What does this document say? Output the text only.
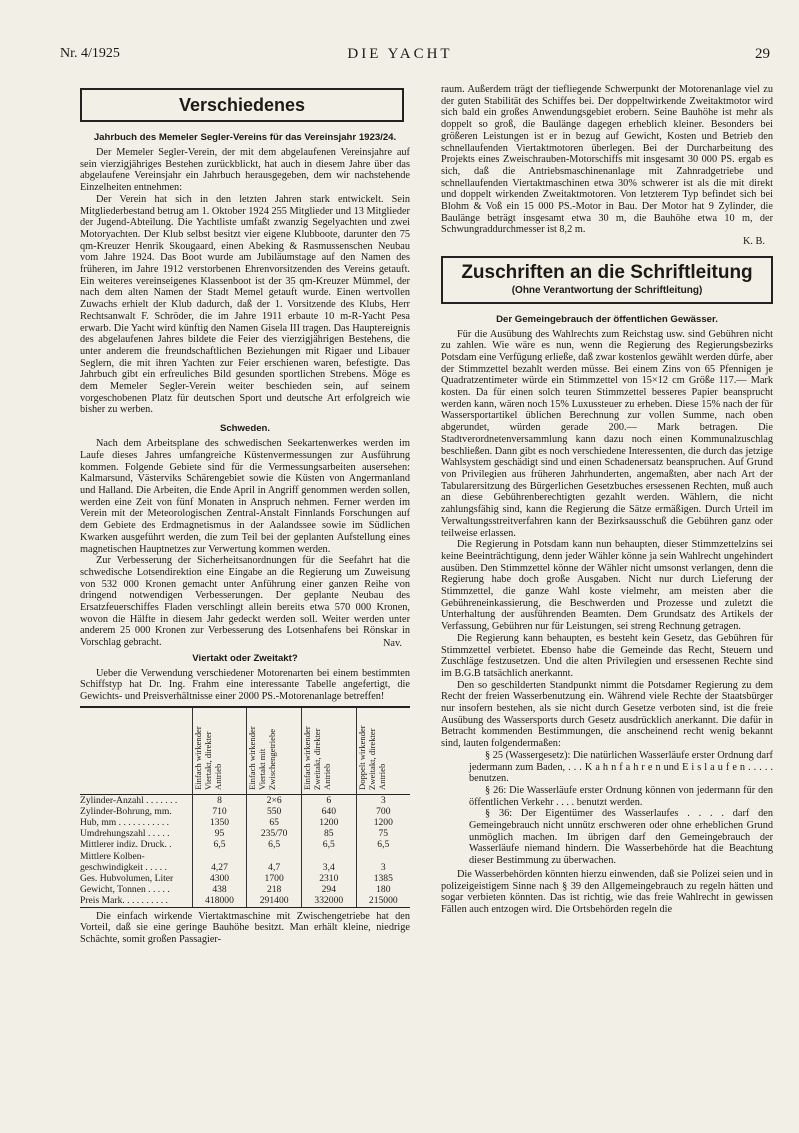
Nr. 4/1925	DIE YACHT	29
Verschiedenes
Jahrbuch des Memeler Segler-Vereins für das Vereinsjahr 1923/24.

Der Memeler Segler-Verein, der mit dem abgelaufenen Vereinsjahre auf sein vierzigjähriges Bestehen zurückblickt, hat auch in diesem Jahre über das abgelaufene Vereinsjahr ein Jahrbuch herausgegeben, dem wir nachstehende Einzelheiten entnehmen:

Der Verein hat sich in den letzten Jahren stark entwickelt. Sein Mitgliederbestand betrug am 1. Oktober 1924 255 Mitglieder und 13 Mitglieder der Jugend-Abteilung. Die Yachtliste umfaßt zwanzig Segelyachten und zwei Motoryachten. Der Klub selbst besitzt vier eigene Klubboote, darunter den 75 qm-Kreuzer Henrik Skougaard, einen Abeking & Rasmussenschen Neubau vom Jahre 1924. Das Boot wurde am Jubiläumstage auf den Namen des früheren, im Jahre 1912 verstorbenen Ehrenvorsitzenden des Vereins getauft. Ein weiteres vereinseigenes Klassenboot ist der 35 qm-Kreuzer Mümmel, der nach dem alten Namen der Stadt Memel getauft wurde. Einen wertvollen Zuwachs erhielt der Klub dadurch, daß der 1. Vorsitzende des Klubs, Herr Rechtsanwalt F. Schröder, die im Jahre 1911 erbaute 10 m-R-Yacht Pesa erwarb. Die Yacht wird künftig den Namen Gisela III tragen. Das Hauptereignis des abgelaufenen Jahres bildete die Feier des vierzigjährigen Bestehens, die unter anderem die freundschaftlichen Beziehungen mit Rigaer und Libauer Seglern, die mit ihren Yachten zur Feier erschienen waren, befestigte. Das Jahrbuch gibt ein erfreuliches Bild gesunden sportlichen Strebens. Möge es dem Memeler Segler-Verein weiter beschieden sein, auf seinem vorgeschobenen Platz für deutschen Sport und deutsche Art erfolgreich wie bisher zu werben.

Schweden.

Nach dem Arbeitsplane des schwedischen Seekartenwerkes werden im Laufe dieses Jahres umfangreiche Küstenvermessungen zur Ausführung kommen. Folgende Gebiete sind für die Vermessungsarbeiten ausersehen: Kalmarsund, Västerviks Schärengebiet sowie die Küsten von Angermanland und Halland. Die Arbeiten, die Ende April in Angriff genommen werden sollen, werden eine Zeit von fünf Monaten in Anspruch nehmen. Ferner werden im Verein mit der Meteorologischen Zentral-Anstalt Finnlands Forschungen auf dem Gebiete des Erdmagnetismus in der Aalandssee sowie im Südlichen Kwarken ausgeführt werden, die zum Teil bei der geplanten Aufstellung eines magnetischen Hauptnetzes zur Verwertung kommen werden.

Zur Verbesserung der Sicherheitsanordnungen für die Seefahrt hat die schwedische Lotsendirektion eine Eingabe an die Regierung um Zuweisung von 532 000 Kronen gemacht unter Anführung einer ganzen Reihe von dringend notwendigen Verbesserungen. Der geplante Neubau des Ersatzfeuerschiffes Fladen verschlingt allein bereits etwa 570 000 Kronen, wovon die Hälfte in diesem Jahr gedeckt werden soll. Weiter werden unter anderem 25 000 Kronen zur Verbesserung des Lotsenhafens bei Rönskar in Vorschlag gebracht.	Nav.
Viertakt oder Zweitakt?

Ueber die Verwendung verschiedener Motorenarten bei einem bestimmten Schiffstyp hat Dr. Ing. Frahm eine interessante Tabelle angefertigt, die Gewichts- und Preisverhältnisse einer 2000 PS.-Motorenanlage betreffen!

	Einfach wirkender Viertakt, direkter Antrieb	Einfach wirkender Viertakt mit Zwischengetriebe	Einfach wirkender Zweitakt, direkter Antrieb	Doppelt wirkender Zweitakt, direkter Antrieb
Zylinder-Anzahl . . . . . . .	8	2×6	6	3
Zylinder-Bohrung, mm.	710	550	640	700
Hub, mm . . . . . . . . . . .	1350	65	1200	1200
Umdrehungszahl . . . . .	95	235/70	85	75
Mittlerer indiz. Druck. .	6,5	6,5	6,5	6,5
Mittlere Kolben-				
geschwindigkeit . . . . .	4,27	4,7	3,4	3
Ges. Hubvolumen, Liter	4300	1700	2310	1385
Gewicht, Tonnen . . . . .	438	218	294	180
Preis Mark. . . . . . . . . .	418000	291400	332000	215000

Die einfach wirkende Viertaktmaschine mit Zwischengetriebe hat den Vorteil, daß sie eine geringe Bauhöhe besitzt. Man erhält kleine, niedrige Schächte, somit großen Passagier-

raum. Außerdem trägt der tiefliegende Schwerpunkt der Motorenanlage viel zu der guten Stabilität des Schiffes bei. Der doppeltwirkende Zweitaktmotor wird sich bald ein großes Anwendungsgebiet erobern. Seine Bauhöhe ist mehr als doppelt so groß, die Baulänge dagegen erheblich kleiner. Besonders bei größeren Leistungen ist er in bezug auf Gewicht, Kosten und Betrieb den schnellaufenden Viertaktmotoren überlegen. Bei der Durcharbeitung des Projekts eines Zweischrauben-Motorschiffs mit insgesamt 30 000 PS. ergab es sich, daß die Antriebsmaschinenanlage mit Zahnradgetriebe und schnellaufenden Viertaktmaschinen etwa 30% schwerer ist als die mit direkt und doppelt wirkenden Zweitaktmotoren. Von letzterem Typ befindet sich bei Blohm & Voß ein 15 000 PS.-Motor in Bau. Der Motor hat 9 Zylinder, die Baulänge beträgt insgesamt etwa 30 m, die Bauhöhe etwa 10 m, der Schwungraddurchmesser ist 8,2 m.

K. B.
Zuschriften an die Schriftleitung
(Ohne Verantwortung der Schriftleitung)
Der Gemeingebrauch der öffentlichen Gewässer.

Für die Ausübung des Wahlrechts zum Reichstag usw. sind Gebühren nicht zu zahlen. Wie wäre es nun, wenn die Regierung des Regierungsbezirks Potsdam eine Verfügung erließe, daß zwar kostenlos gewählt werden dürfe, aber der Stimmzettel bezahlt werden müsse. Bei einem Zins von 65 Pfennigen je Quadratzentimeter würde ein Stimmzettel von 15×12 cm Größe 117.— Mark kosten. Da für einen solch teuren Stimmzettel besseres Papier beansprucht werden kann, wären noch 15% Luxussteuer zu erheben. Diese 15% nach der für Wassersportartikel üblichen Berechnung zur vollen Summe, nach oben abgerundet, würden gerade 200.— Mark betragen. Die Stadtverordnetenversammlung kann dazu noch einen Kommunalzuschlag beschließen. Dann gibt es noch verschiedene Interessenten, die durch das jetzige Wahlsystem geschädigt sind und einen Schadenersatz beanspruchen. Auf Grund von Privilegien aus früheren Jahrhunderten, angemaßten, aber nach Art der Tabularersitzung des Bürgerlichen Gesetzbuches ersessenen Rechten, muß auch an diese Gebührenberechtigten gezahlt werden. Wählern, die nicht zahlungsfähig sind, kann die Regierung die Sätze ermäßigen. Durch Urteil im Verwaltungsstreitverfahren kann der Bezirksausschuß die Gebühren ganz oder teilweise erlassen.

Die Regierung in Potsdam kann nun behaupten, dieser Stimmzettelzins sei keine Beeinträchtigung, denn jeder Wähler könne ja sein Wahlrecht ungehindert ausüben. Den Stimmzettel könne der Wähler nicht umsonst verlangen, denn die Regierung habe doch große Ausgaben. Nicht nur durch Lieferung der Stimmzettel, die ganze Wahl koste vielmehr, am meisten aber die Gebühreneinkassierung, die Beschwerden und Prozesse und zuletzt die Unterhaltung der ausführenden Beamten. Dem Grundsatz des Artikels der Verfassung, Gebühren nur für Leistungen, sei streng Rechnung getragen.

Die Regierung kann behaupten, es besteht kein Gesetz, das Gebühren für Stimmzettel verbietet. Ebenso habe die Gemeinde das Recht, Steuern und Zuschläge festzusetzen. Und die alten Privilegien und ersessenen Rechte sind im B.G.B tatsächlich anerkannt.

Den so geschilderten Standpunkt nimmt die Potsdamer Regierung zu dem Recht der freien Wasserbenutzung ein. Während viele Rechte der Staatsbürger nur insofern bestehen, als sie nicht durch Gesetze verboten sind, ist die freie Ausübung des Wassersports durch Gesetz ausdrücklich anerkannt. Die dafür in Betracht kommenden Bestimmungen, die anscheinend recht wenig bekannt sind, lauten folgendermaßen:

§ 25 (Wassergesetz): Die natürlichen Wasserläufe erster Ordnung darf jedermann zum Baden, . . . K a h n f a h r e n und E i s l a u f e n . . . . . benutzen.

§ 26: Die Wasserläufe erster Ordnung können von jedermann für den öffentlichen Verkehr . . . . benutzt werden.

§ 36: Der Eigentümer des Wasserlaufes . . . . darf den Gemeingebrauch nicht unnütz erschweren oder ohne erheblichen Grund unmöglich machen. Im übrigen darf den Gemeingebrauch der Wasserläufe niemand hindern. Die Wasserbehörde hat die Beachtung dieser Bestimmung zu überwachen.

Die Wasserbehörden könnten hierzu einwenden, daß sie Polizei seien und in polizeigeistigem Sinne nach § 39 den Allgemeingebrauch zu regeln hätten und sogar verbieten könnten. Das ist richtig, wie das freie Wahlrecht in gewissen Fällen auch entzogen wird. Die Ortsbehörden regeln die
